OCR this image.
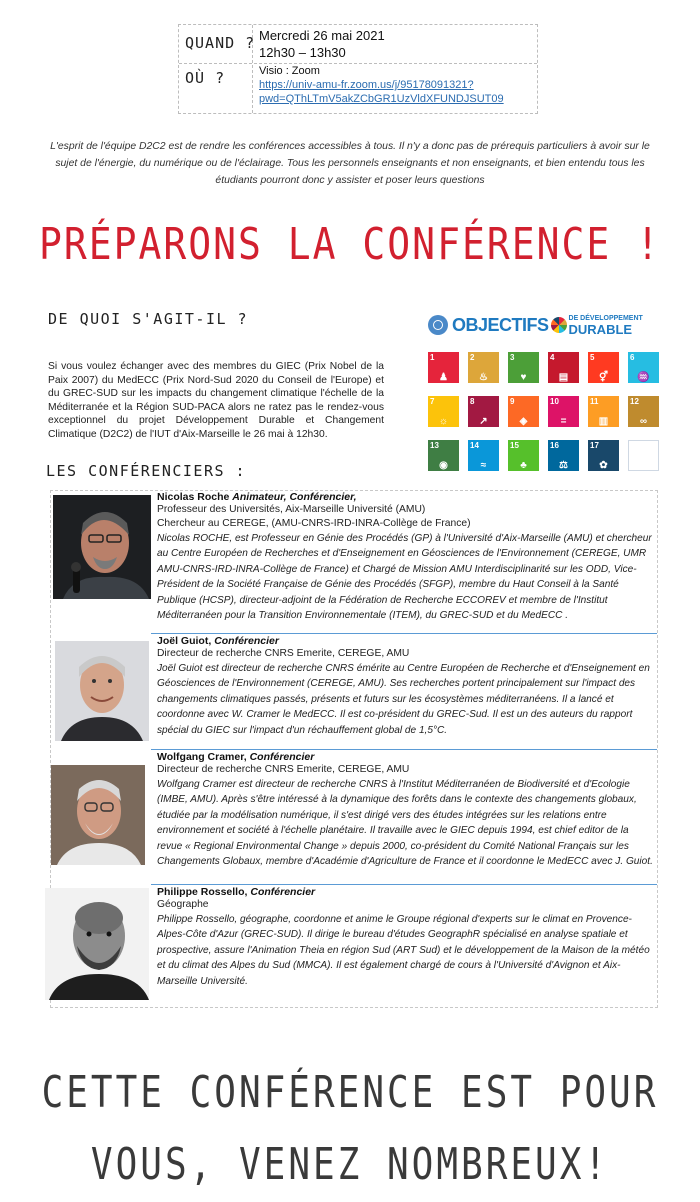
QUAND ? Mercredi 26 mai 2021
12h30 – 13h30
OÙ ?	Visio : Zoom
https://univ-amu-fr.zoom.us/j/95178091321?
pwd=QThLTmV5akZCbGR1UzVldXFUNDJSUT09
L'esprit de l'équipe D2C2 est de rendre les conférences accessibles à tous. Il n'y a donc pas de prérequis particuliers à avoir sur le sujet de l'énergie, du numérique ou de l'éclairage. Tous les personnels enseignants et non enseignants, et bien entendu tous les étudiants pourront donc y assister et poser leurs questions
PRÉPARONS LA CONFÉRENCE !
DE QUOI S'AGIT-IL ?
Si vous voulez échanger avec des membres du GIEC (Prix Nobel de la Paix 2007) du MedECC (Prix Nord-Sud 2020 du Conseil de l'Europe) et du GREC-SUD sur les impacts du changement climatique l'échelle de la Méditerranée et la Région SUD-PACA alors ne ratez pas le rendez-vous exceptionnel du projet Développement Durable et Changement Climatique (D2C2) de l'IUT d'Aix-Marseille le 26 mai à 12h30.
OBJECTIFS	DE DÉVELOPPEMENT
DURABLE
1
♟
2
♨
3
♥
4
▤
5
⚥
6
♒
7
☼
8
↗
9
◈
10
=
11
▥
12
∞
13
◉
14
≈
15
♣
16
⚖
17
✿
LES CONFÉRENCIERS :
Nicolas Roche Animateur, Conférencier,
Professeur des Universités, Aix-Marseille Université (AMU)
Chercheur au CEREGE, (AMU-CNRS-IRD-INRA-Collège de France)
Nicolas ROCHE, est Professeur en Génie des Procédés (GP) à l'Université d'Aix-Marseille (AMU) et chercheur au Centre Européen de Recherches et d'Enseignement en Géosciences de l'Environnement (CEREGE, UMR AMU-CNRS-IRD-INRA-Collège de France) et Chargé de Mission AMU Interdisciplinarité sur les ODD, Vice-Président de la Société Française de Génie des Procédés (SFGP), membre du Haut Conseil à la Santé Publique (HCSP), directeur-adjoint de la Fédération de Recherche ECCOREV et membre de l'Institut Méditerranéen pour la Transition Environnementale (ITEM), du GREC-SUD et du MedECC .
Joël Guiot, Conférencier
Directeur de recherche CNRS Emerite, CEREGE, AMU
Joël Guiot est directeur de recherche CNRS émérite au Centre Européen de Recherche et d'Enseignement en Géosciences de l'Environnement (CEREGE, AMU). Ses recherches portent principalement sur l'impact des changements climatiques passés, présents et futurs sur les écosystèmes méditerranéens. Il a lancé et coordonne avec W. Cramer le MedECC. Il est co-président du GREC-Sud. Il est un des auteurs du rapport spécial du GIEC sur l'impact d'un réchauffement global de 1,5°C.
Wolfgang Cramer, Conférencier
Directeur de recherche CNRS Emerite, CEREGE, AMU
Wolfgang Cramer est directeur de recherche CNRS à l'Institut Méditerranéen de Biodiversité et d'Ecologie (IMBE, AMU). Après s'être intéressé à la dynamique des forêts dans le contexte des changements globaux, étudiée par la modélisation numérique, il s'est dirigé vers des études intégrées sur les relations entre environnement et société à l'échelle planétaire. Il travaille avec le GIEC depuis 1994, est chief editor de la revue « Regional Environmental Change » depuis 2000, co-président du Comité National Français sur les Changements Globaux, membre d'Académie d'Agriculture de France et il coordonne le MedECC avec J. Guiot.
Philippe Rossello, Conférencier
Géographe
Philippe Rossello, géographe, coordonne et anime le Groupe régional d'experts sur le climat en Provence-Alpes-Côte d'Azur (GREC-SUD). Il dirige le bureau d'études GeographR spécialisé en analyse spatiale et prospective, assure l'Animation Theia en région Sud (ART Sud) et le développement de la Maison de la météo et du climat des Alpes du Sud (MMCA). Il est également chargé de cours à l'Université d'Avignon et Aix-Marseille Université.
CETTE CONFÉRENCE EST POUR
VOUS, VENEZ NOMBREUX!
